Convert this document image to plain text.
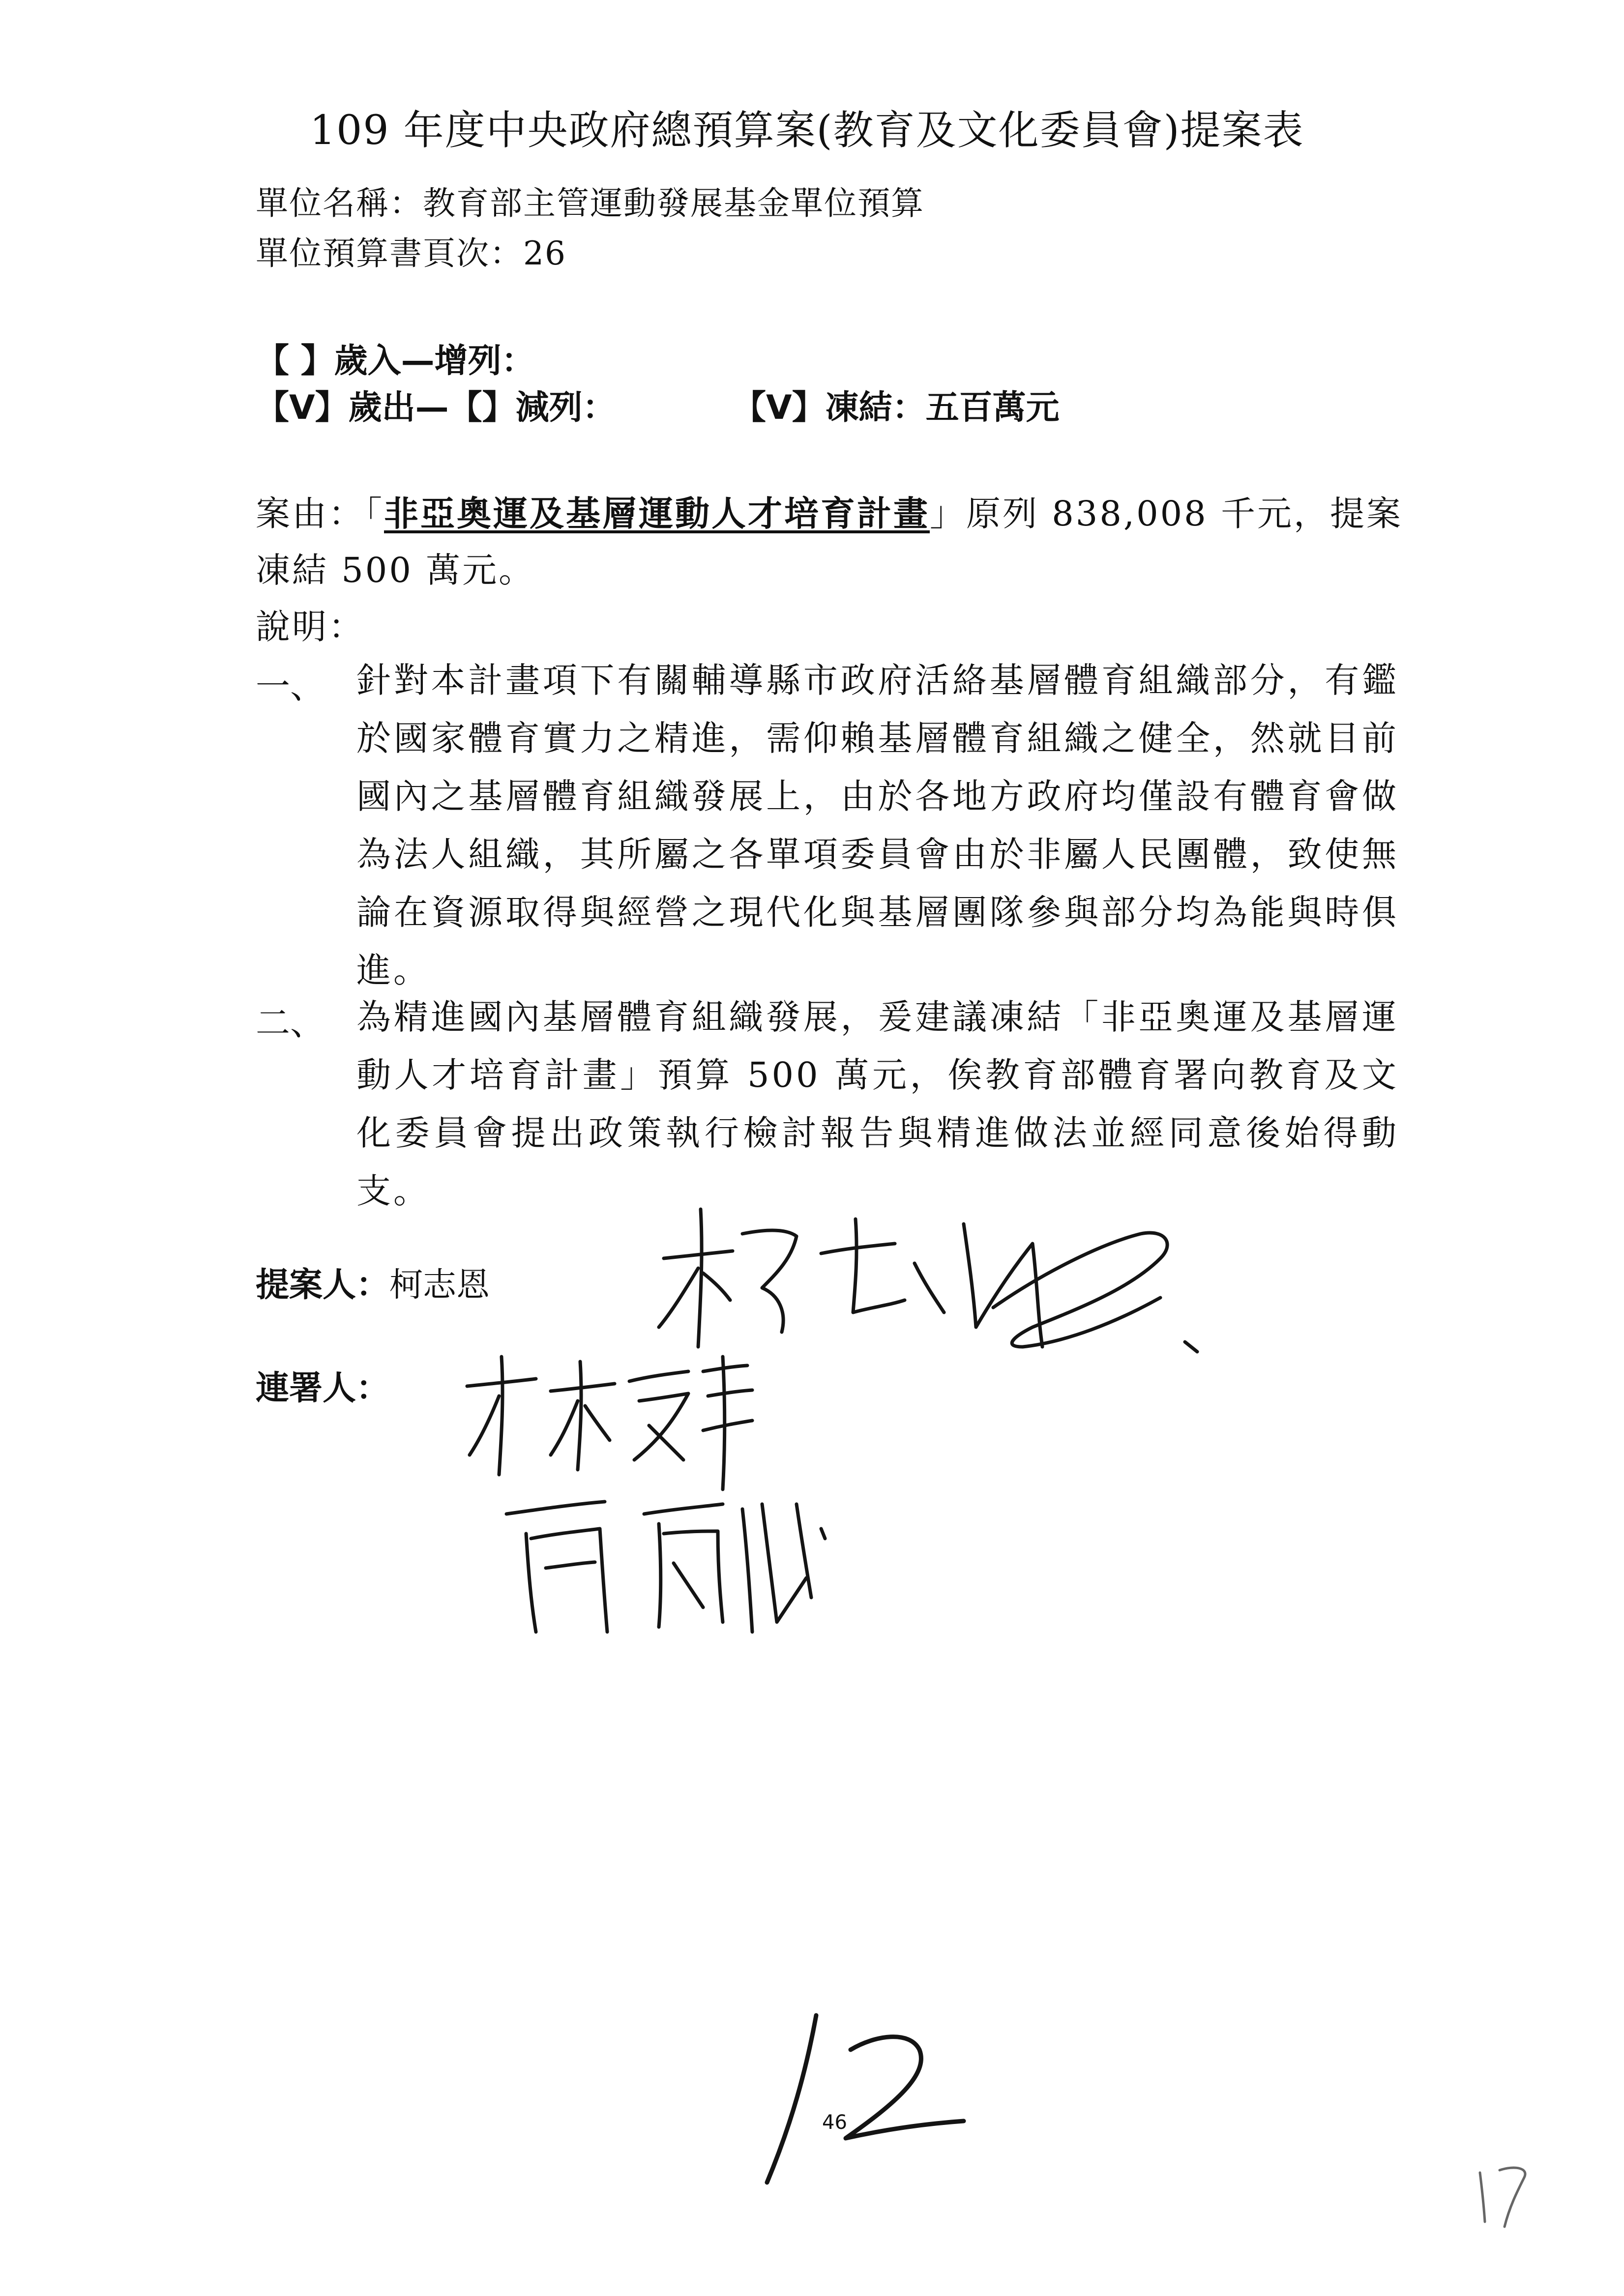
109 年度中央政府總預算案(教育及文化委員會)提案表
單位名稱：教育部主管運動發展基金單位預算
單位預算書頁次：26
【 】歲入—增列：
【V】歲出—【】減列：	【V】凍結：五百萬元
案由：「非亞奧運及基層運動人才培育計畫」原列 838,008 千元，提案
凍結 500 萬元。
說明：
一、 針對本計畫項下有關輔導縣市政府活絡基層體育組織部分，有鑑於國家體育實力之精進，需仰賴基層體育組織之健全，然就目前國內之基層體育組織發展上，由於各地方政府均僅設有體育會做為法人組織，其所屬之各單項委員會由於非屬人民團體，致使無論在資源取得與經營之現代化與基層團隊參與部分均為能與時俱進。
二、 為精進國內基層體育組織發展，爰建議凍結「非亞奧運及基層運動人才培育計畫」預算 500 萬元，俟教育部體育署向教育及文化委員會提出政策執行檢討報告與精進做法並經同意後始得動支。
提案人：柯志恩
連署人：
46
